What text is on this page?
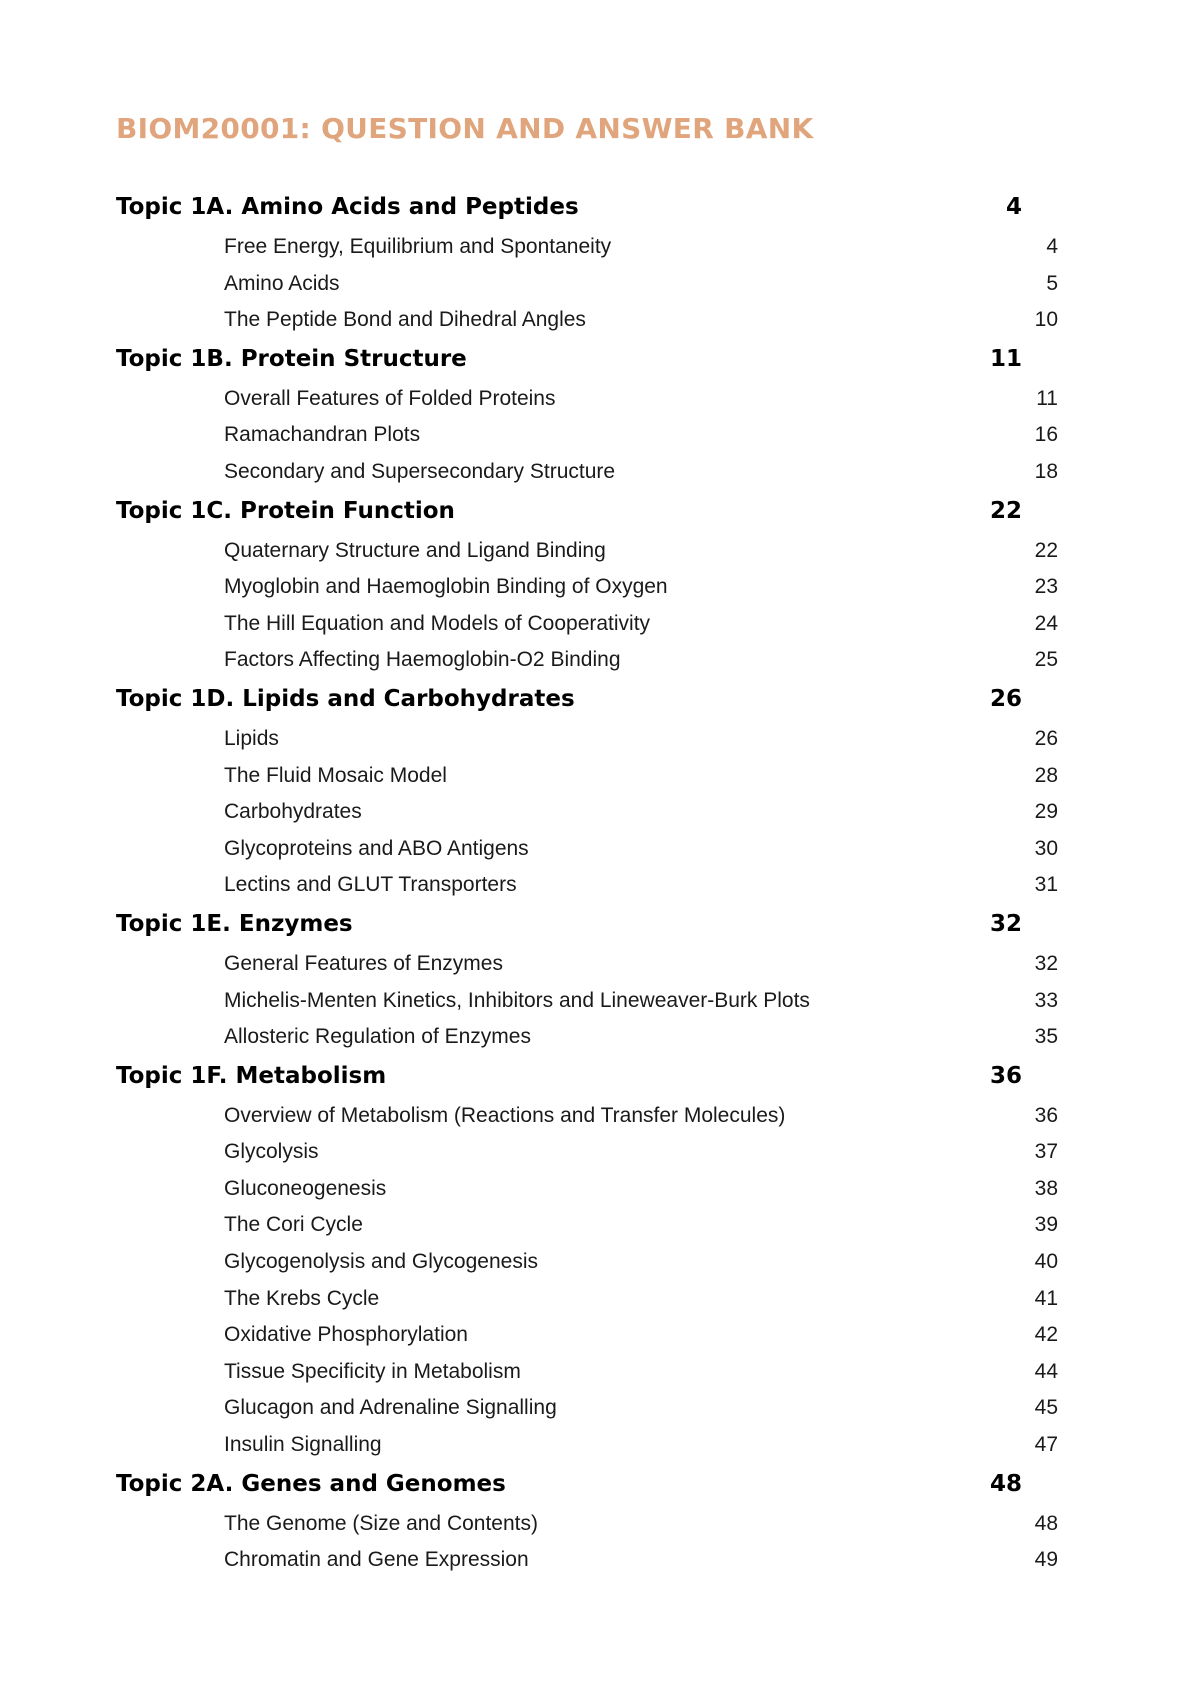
BIOM20001: QUESTION AND ANSWER BANK
Topic 1A. Amino Acids and Peptides	4
Free Energy, Equilibrium and Spontaneity	4
Amino Acids	5
The Peptide Bond and Dihedral Angles	10
Topic 1B. Protein Structure	11
Overall Features of Folded Proteins	11
Ramachandran Plots	16
Secondary and Supersecondary Structure	18
Topic 1C. Protein Function	22
Quaternary Structure and Ligand Binding	22
Myoglobin and Haemoglobin Binding of Oxygen	23
The Hill Equation and Models of Cooperativity	24
Factors Affecting Haemoglobin-O2 Binding	25
Topic 1D. Lipids and Carbohydrates	26
Lipids	26
The Fluid Mosaic Model	28
Carbohydrates	29
Glycoproteins and ABO Antigens	30
Lectins and GLUT Transporters	31
Topic 1E. Enzymes	32
General Features of Enzymes	32
Michelis-Menten Kinetics, Inhibitors and Lineweaver-Burk Plots	33
Allosteric Regulation of Enzymes	35
Topic 1F. Metabolism	36
Overview of Metabolism (Reactions and Transfer Molecules)	36
Glycolysis	37
Gluconeogenesis	38
The Cori Cycle	39
Glycogenolysis and Glycogenesis	40
The Krebs Cycle	41
Oxidative Phosphorylation	42
Tissue Specificity in Metabolism	44
Glucagon and Adrenaline Signalling	45
Insulin Signalling	47
Topic 2A. Genes and Genomes	48
The Genome (Size and Contents)	48
Chromatin and Gene Expression	49
